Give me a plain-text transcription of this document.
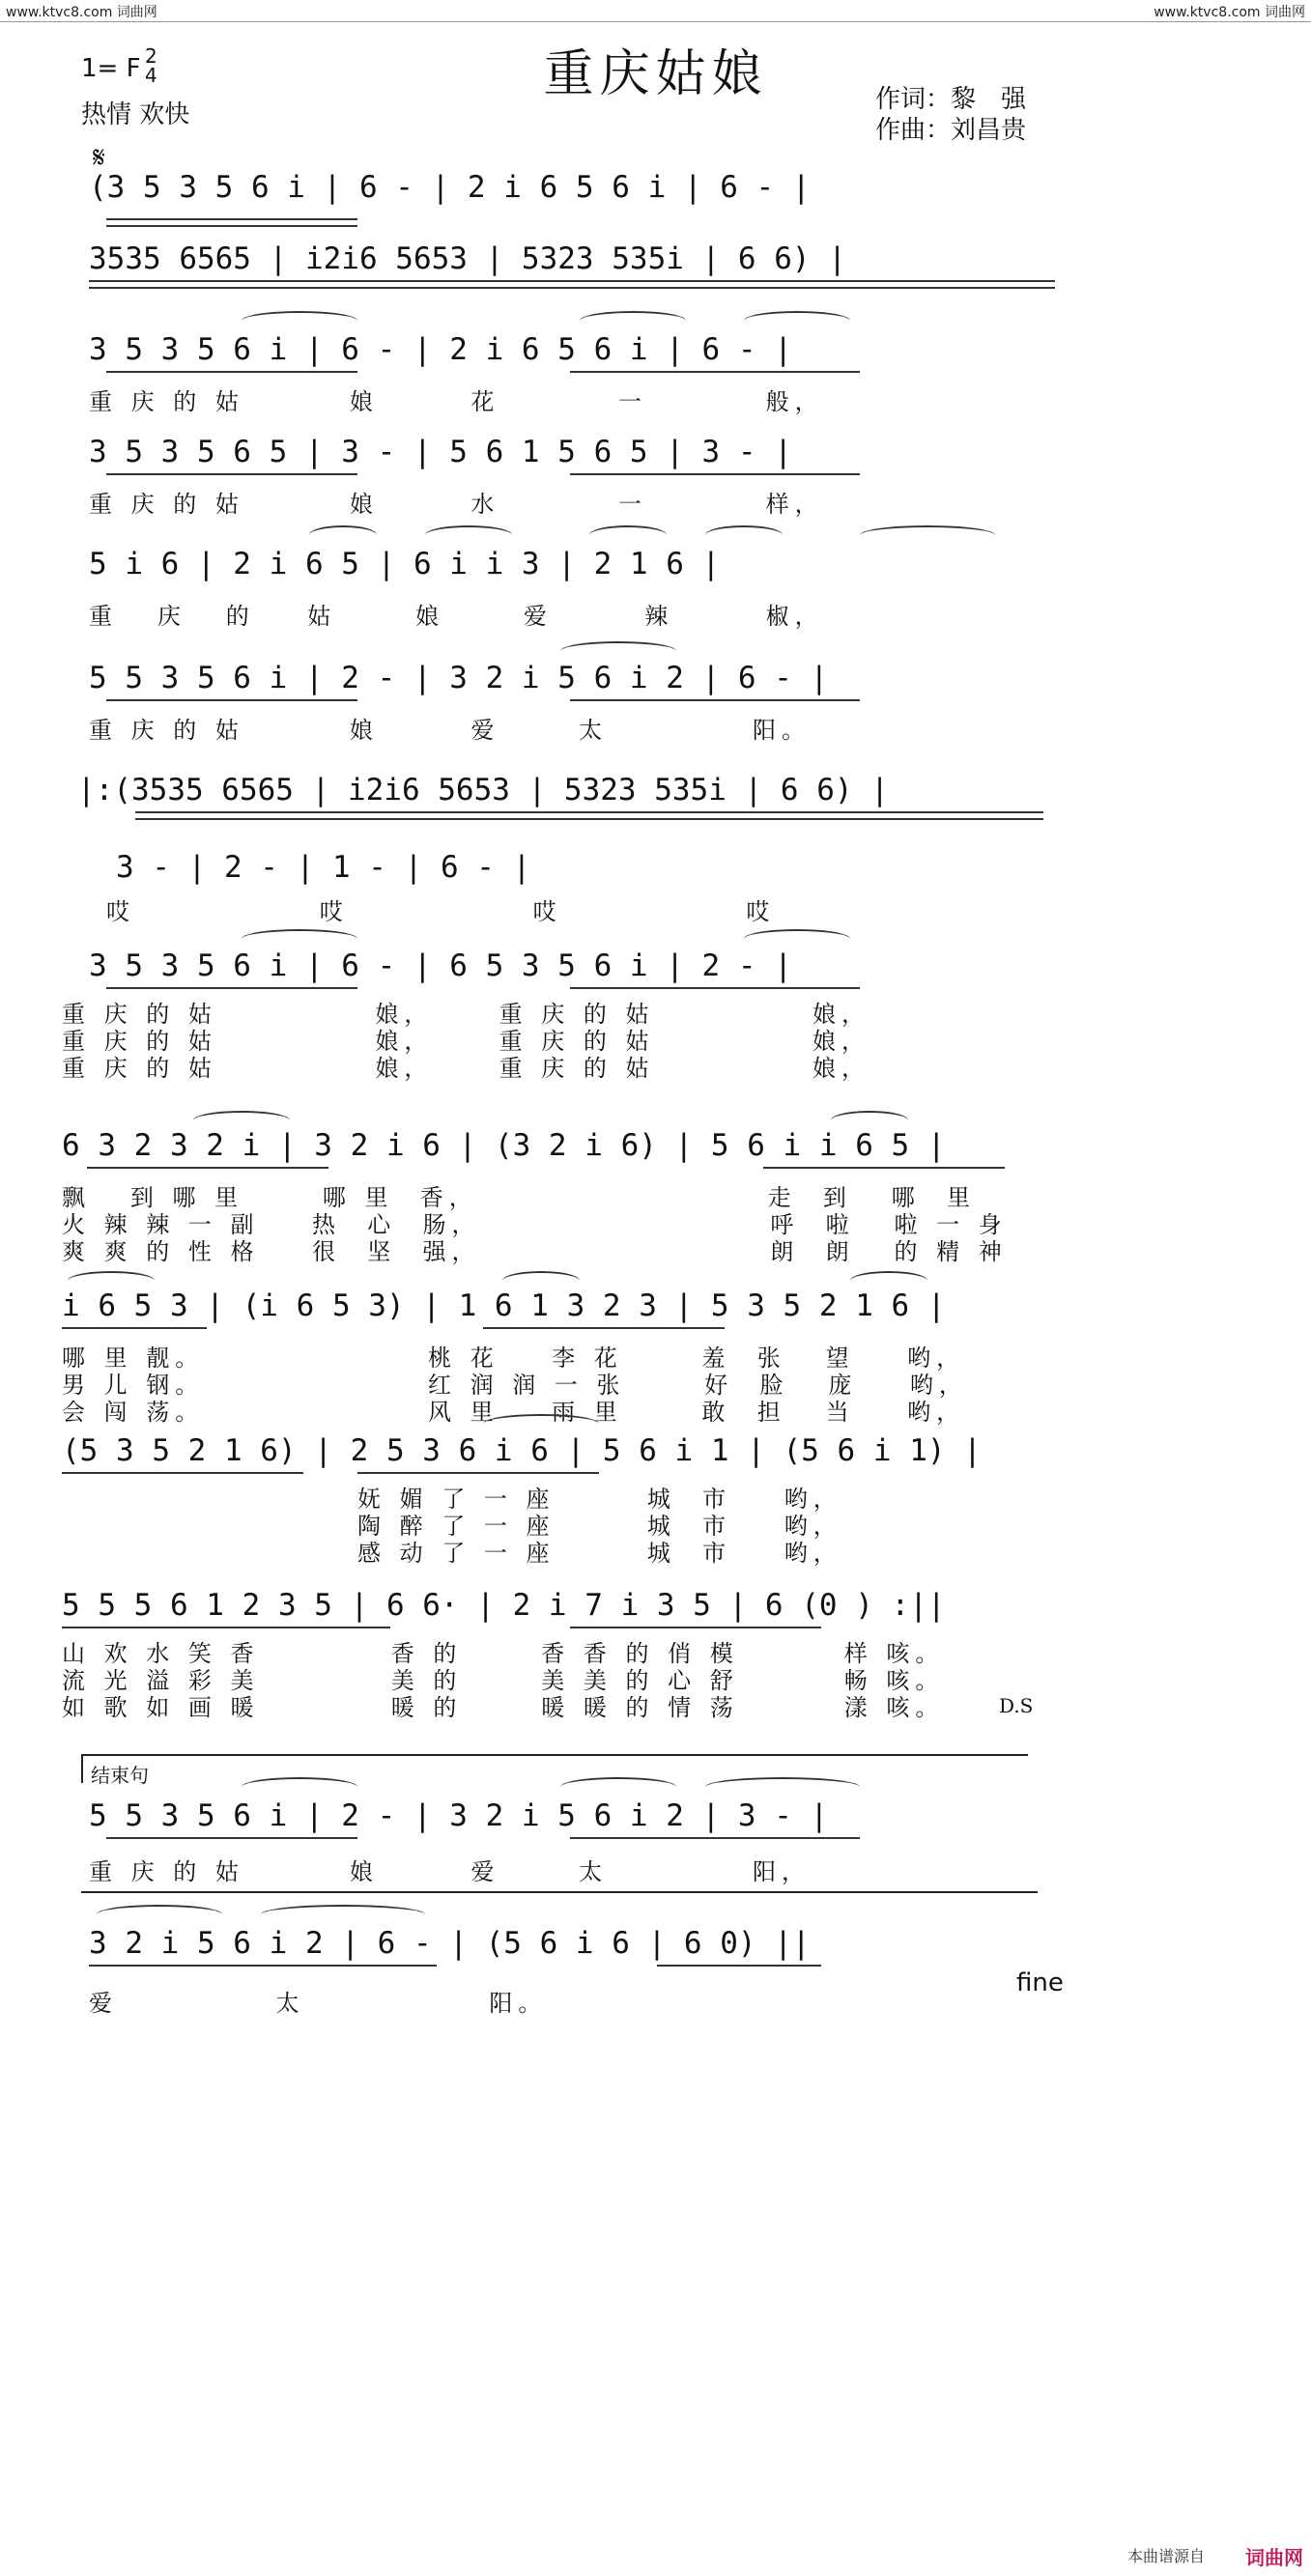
www.ktvc8.com 词曲网	www.ktvc8.com 词曲网
重庆姑娘
1= F 2
4
热情 欢快
作词：黎　强
作曲：刘昌贵
𝄋
(3 5 3 5 6 i | 6 - | 2 i 6 5 6 i | 6 - |
3535 6565 | i2i6 5653 | 5323 535i | 6 6) |
3 5 3 5 6 i | 6 - | 2 i 6 5 6 i | 6 - |
重 庆 的 姑        娘       花         一         般，
3 5 3 5 6 5 | 3 - | 5 6 1 5 6 5 | 3 - |
重 庆 的 姑        娘       水         一         样，
5 i 6 | 2 i 6 5 | 6 i i 3 | 2 1 6 |
重   庆   的    姑      娘      爱       辣       椒，
5 5 3 5 6 i | 2 - | 3 2 i 5 6 i 2 | 6 - |
重 庆 的 姑        娘       爱      太           阳。
|:(3535 6565 | i2i6 5653 | 5323 535i | 6 6) |
3 - | 2 - | 1 - | 6 - |
哎              哎              哎              哎
3 5 3 5 6 i | 6 - | 6 5 3 5 6 i | 2 - |
重 庆 的 姑            娘，     重 庆 的 姑            娘，
重 庆 的 姑            娘，     重 庆 的 姑            娘，
重 庆 的 姑            娘，     重 庆 的 姑            娘，
6 3 2 3 2 i | 3 2 i 6 | (3 2 i 6) | 5 6 i i 6 5 |
飘   到 哪 里      哪 里  香，                      走  到   哪  里
火 辣 辣 一 副    热  心  肠，                      呼  啦   啦 一 身
爽 爽 的 性 格    很  坚  强，                      朗  朗   的 精 神
i 6 5 3 | (i 6 5 3) | 1 6 1 3 2 3 | 5 3 5 2 1 6 |
哪 里 靓。                 桃 花    李 花      羞  张   望    哟，
男 儿 钢。                 红 润 润 一 张      好  脸   庞    哟，
会 闯 荡。                 风 里    雨 里      敢  担   当    哟，
(5 3 5 2 1 6) | 2 5 3 6 i 6 | 5 6 i 1 | (5 6 i 1) |
妩 媚 了 一 座       城  市    哟，
陶 醉 了 一 座       城  市    哟，
感 动 了 一 座       城  市    哟，
5 5 5 6 1 2 3 5 | 6 6· | 2 i 7 i 3 5 | 6 (0 ) :||
山 欢 水 笑 香          香 的      香 香 的 俏 模        样 咳。
流 光 溢 彩 美          美 的      美 美 的 心 舒        畅 咳。
如 歌 如 画 暖          暖 的      暖 暖 的 情 荡        漾 咳。	D.S
结束句
5 5 3 5 6 i | 2 - | 3 2 i 5 6 i 2 | 3 - |
重 庆 的 姑        娘       爱      太           阳，
3 2 i 5 6 i 2 | 6 - | (5 6 i 6 | 6 0) ||
爱            太              阳。
fine
本曲谱源自 词曲网
